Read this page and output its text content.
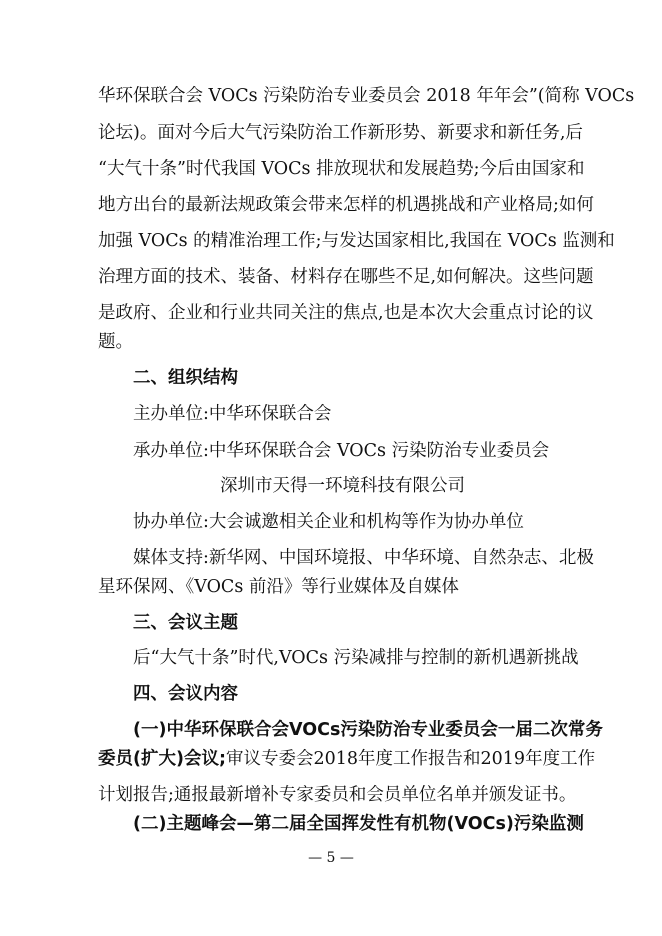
华环保联合会 VOCs 污染防治专业委员会 2018 年年会”(简称 VOCs
论坛)。面对今后大气污染防治工作新形势、新要求和新任务,后
“大气十条”时代我国 VOCs 排放现状和发展趋势;今后由国家和
地方出台的最新法规政策会带来怎样的机遇挑战和产业格局;如何
加强 VOCs 的精准治理工作;与发达国家相比,我国在 VOCs 监测和
治理方面的技术、装备、材料存在哪些不足,如何解决。这些问题
是政府、企业和行业共同关注的焦点,也是本次大会重点讨论的议
题。
二、组织结构
主办单位:中华环保联合会
承办单位:中华环保联合会 VOCs 污染防治专业委员会
深圳市天得一环境科技有限公司
协办单位:大会诚邀相关企业和机构等作为协办单位
媒体支持:新华网、中国环境报、中华环境、自然杂志、北极
星环保网、《VOCs 前沿》等行业媒体及自媒体
三、会议主题
后“大气十条”时代,VOCs 污染减排与控制的新机遇新挑战
四、会议内容
(一)中华环保联合会VOCs污染防治专业委员会一届二次常务
委员(扩大)会议;审议专委会2018年度工作报告和2019年度工作
计划报告;通报最新增补专家委员和会员单位名单并颁发证书。
(二)主题峰会—第二届全国挥发性有机物(VOCs)污染监测
— 5 —
